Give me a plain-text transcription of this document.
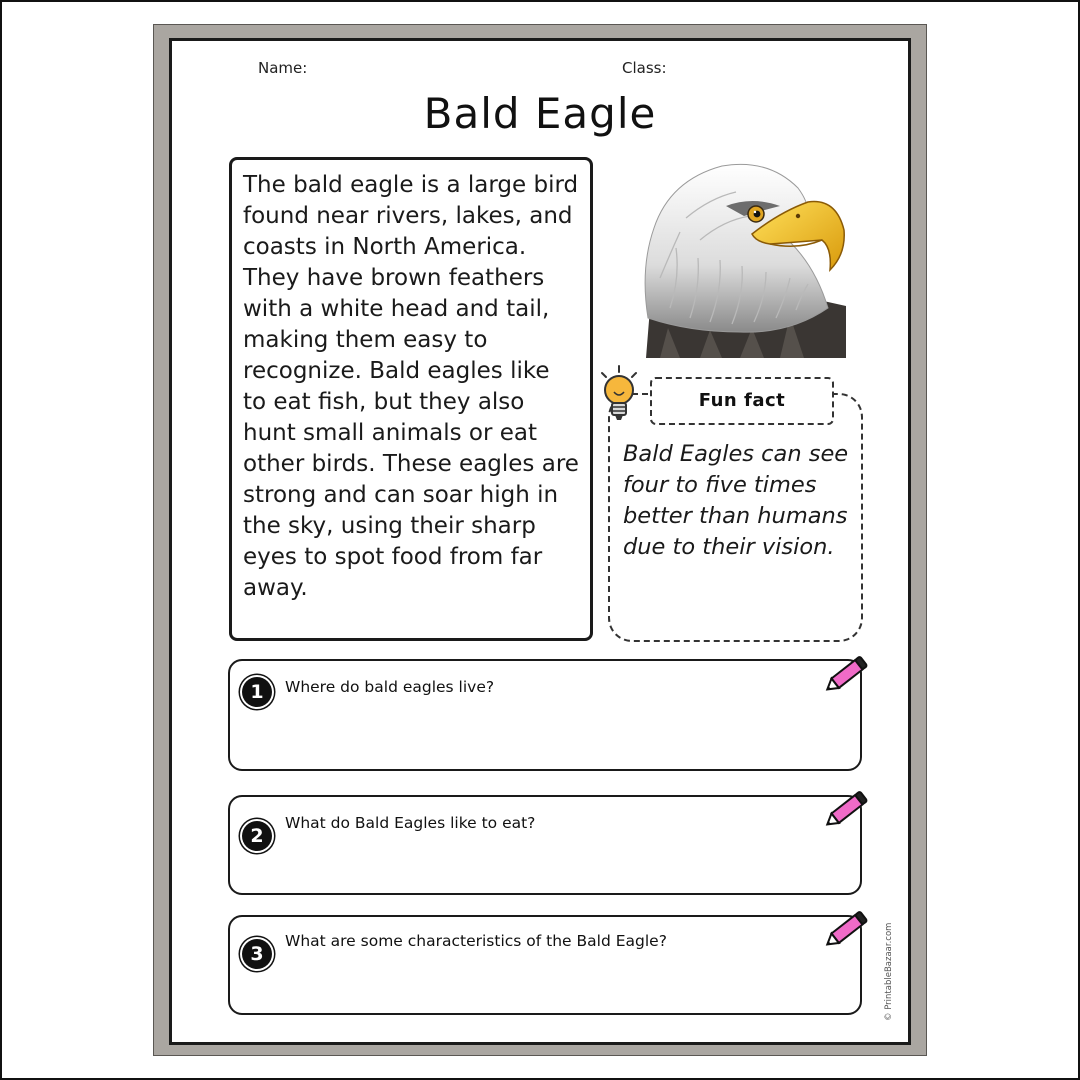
Name:	Class:
Bald Eagle

The bald eagle is a large bird found near rivers, lakes, and coasts in North America. They have brown feathers with a white head and tail, making them easy to recognize. Bald eagles like to eat fish, but they also hunt small animals or eat other birds. These eagles are strong and can soar high in the sky, using their sharp eyes to spot food from far away.

Bald Eagles can see four to five times better than humans due to their vision.

Fun fact
1	Where do bald eagles live?
2
What do Bald Eagles like to eat?
3
What are some characteristics of the Bald Eagle?	© PrintableBazaar.com
